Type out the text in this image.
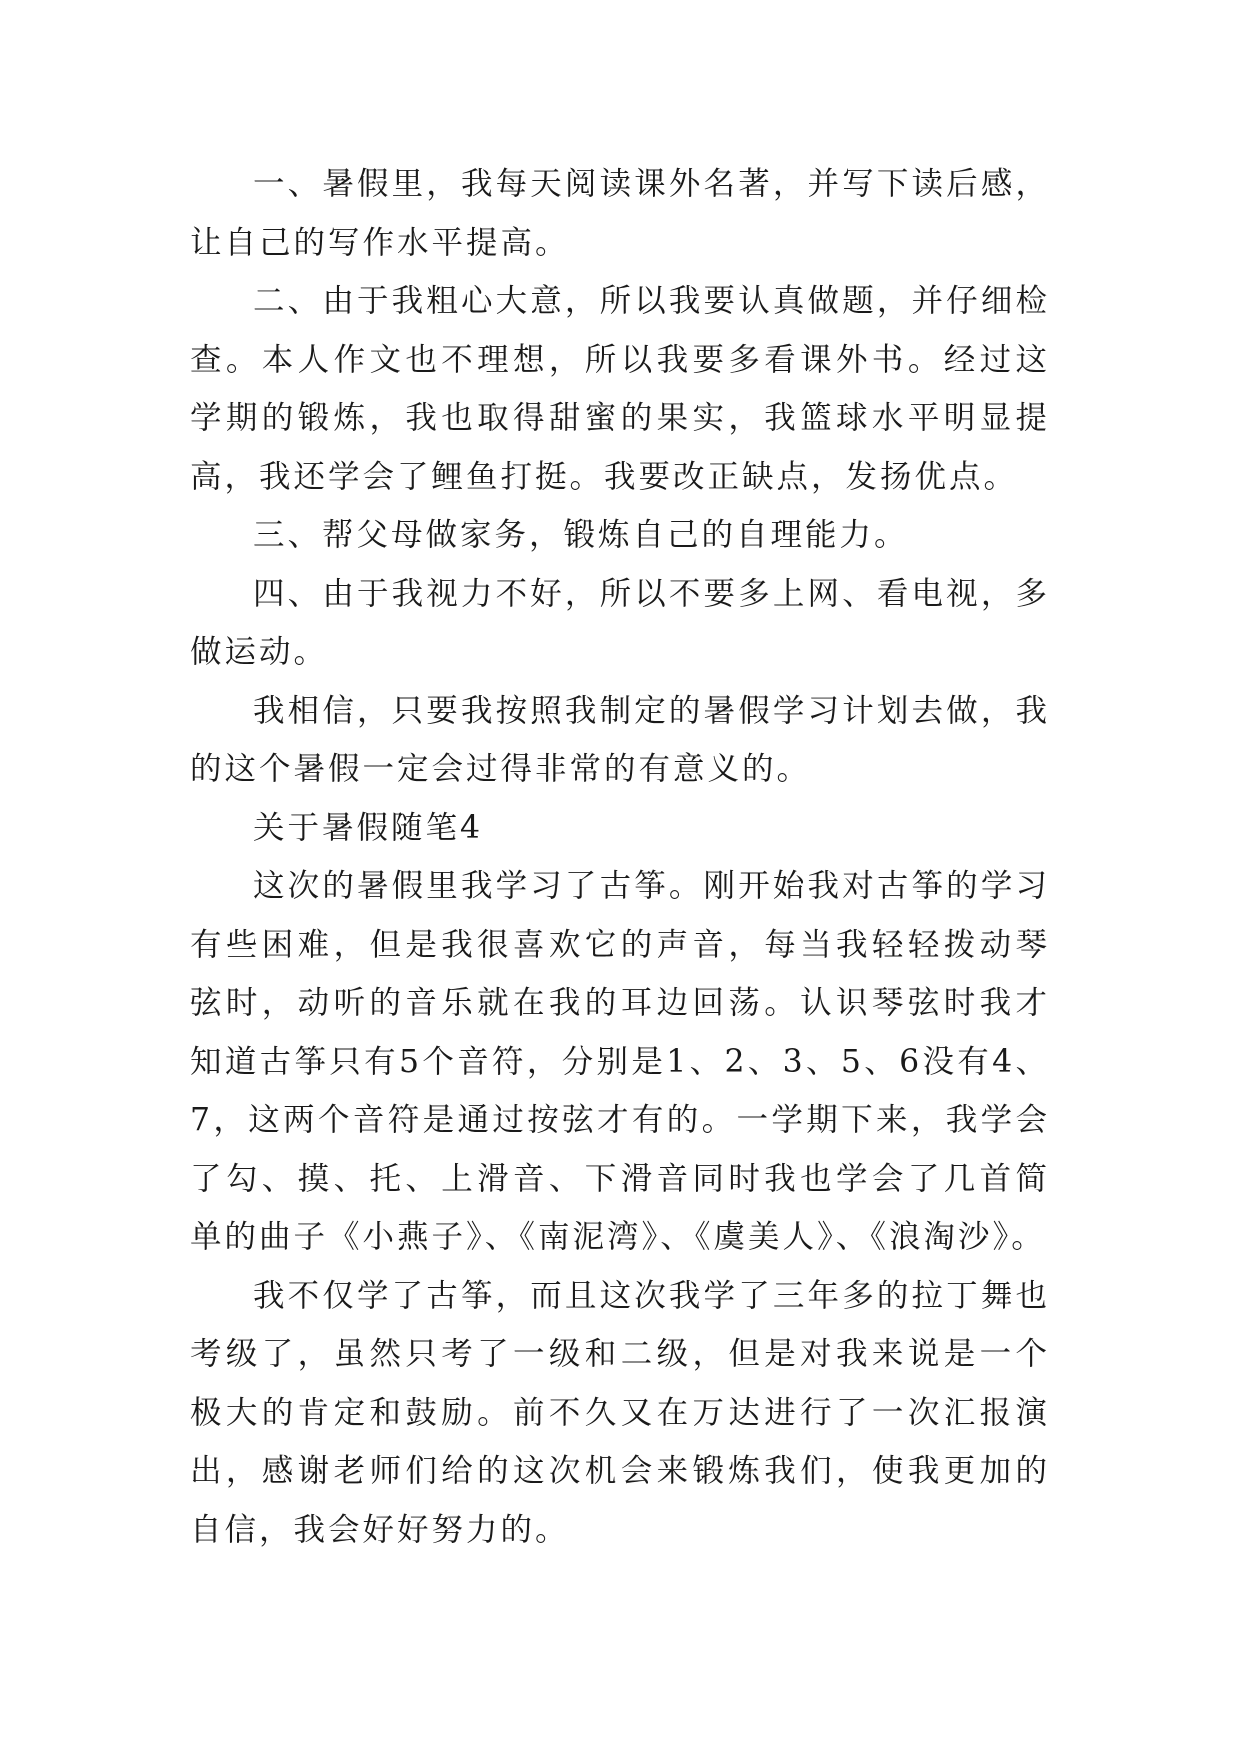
一、暑假里，我每天阅读课外名著，并写下读后感，让自己的写作水平提高。

二、由于我粗心大意，所以我要认真做题，并仔细检查。本人作文也不理想，所以我要多看课外书。经过这学期的锻炼，我也取得甜蜜的果实，我篮球水平明显提高，我还学会了鲤鱼打挺。我要改正缺点，发扬优点。

三、帮父母做家务，锻炼自己的自理能力。

四、由于我视力不好，所以不要多上网、看电视，多做运动。

我相信，只要我按照我制定的暑假学习计划去做，我的这个暑假一定会过得非常的有意义的。

关于暑假随笔4

这次的暑假里我学习了古筝。刚开始我对古筝的学习有些困难，但是我很喜欢它的声音，每当我轻轻拨动琴弦时，动听的音乐就在我的耳边回荡。认识琴弦时我才知道古筝只有5个音符，分别是1、2、3、5、6没有4、7，这两个音符是通过按弦才有的。一学期下来，我学会了勾、摸、托、上滑音、下滑音同时我也学会了几首简单的曲子《小燕子》、《南泥湾》、《虞美人》、《浪淘沙》。

我不仅学了古筝，而且这次我学了三年多的拉丁舞也考级了，虽然只考了一级和二级，但是对我来说是一个极大的肯定和鼓励。前不久又在万达进行了一次汇报演出，感谢老师们给的这次机会来锻炼我们，使我更加的自信，我会好好努力的。
